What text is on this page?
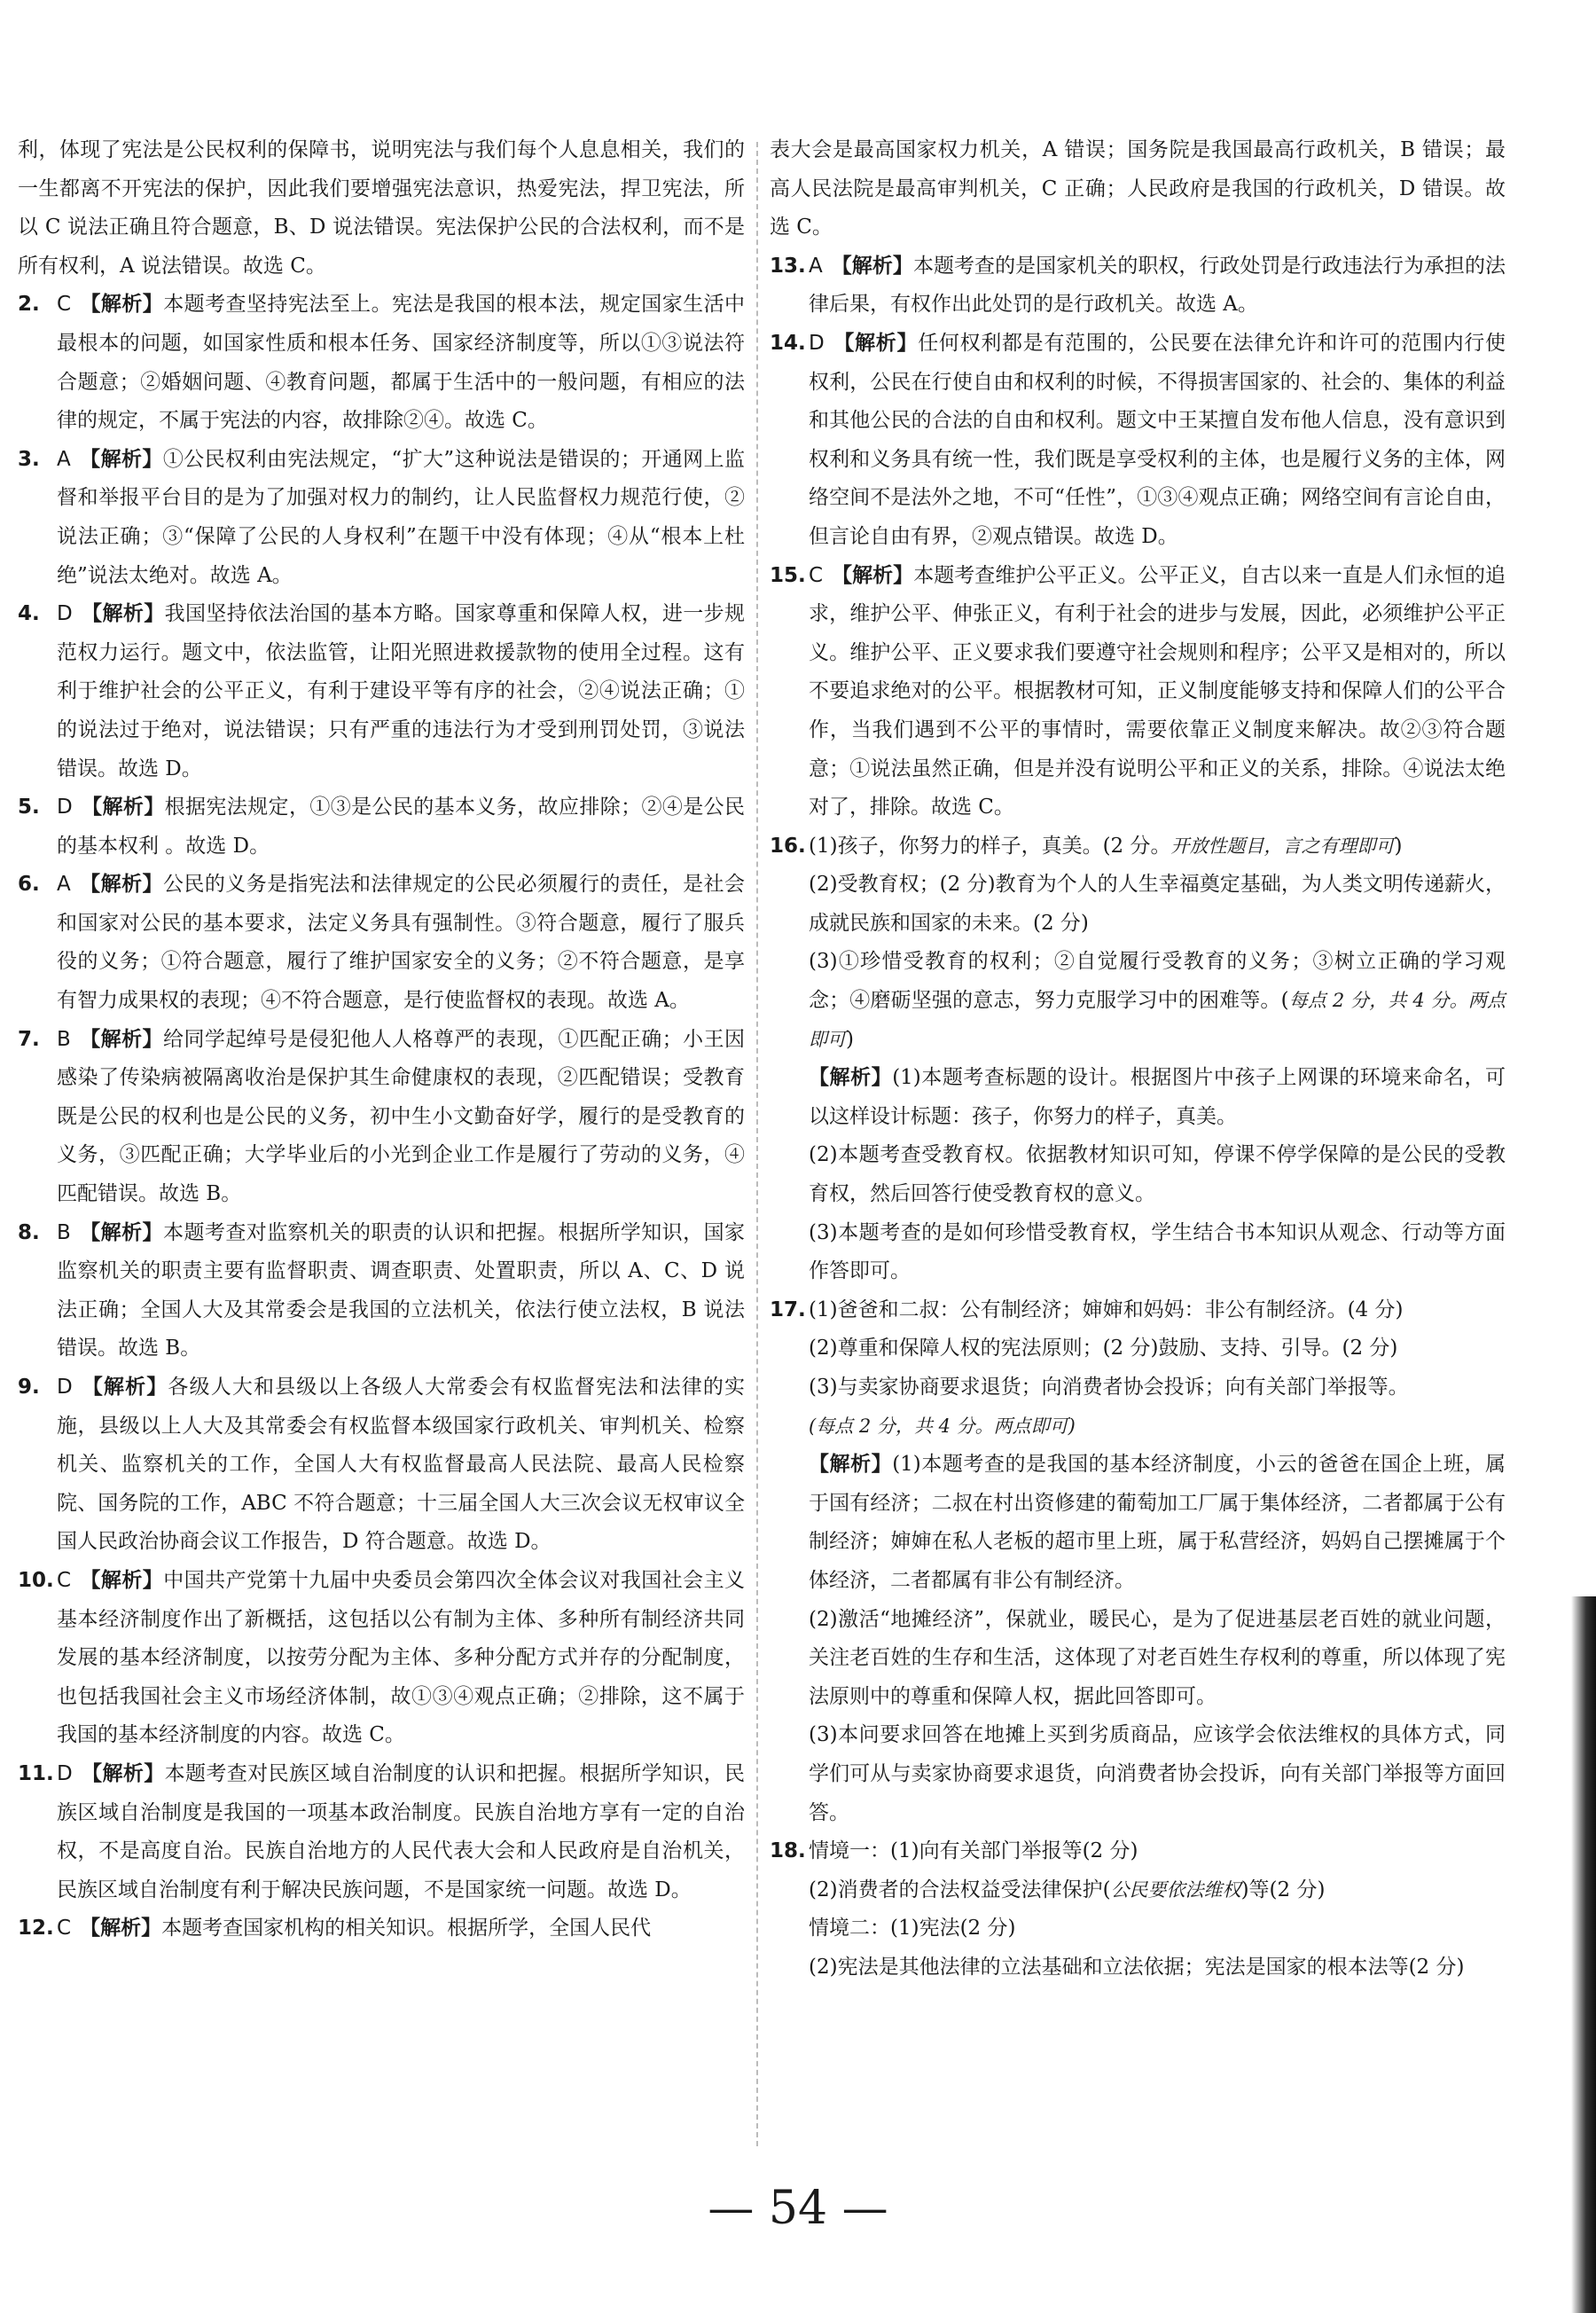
利，体现了宪法是公民权利的保障书，说明宪法与我们每个人息息相关，我们的一生都离不开宪法的保护，因此我们要增强宪法意识，热爱宪法，捍卫宪法，所以 C 说法正确且符合题意，B、D 说法错误。宪法保护公民的合法权利，而不是所有权利，A 说法错误。故选 C。
2. C 【解析】本题考查坚持宪法至上。宪法是我国的根本法，规定国家生活中最根本的问题，如国家性质和根本任务、国家经济制度等，所以①③说法符合题意；②婚姻问题、④教育问题，都属于生活中的一般问题，有相应的法律的规定，不属于宪法的内容，故排除②④。故选 C。
3. A 【解析】①公民权利由宪法规定，“扩大”这种说法是错误的；开通网上监督和举报平台目的是为了加强对权力的制约，让人民监督权力规范行使，②说法正确；③“保障了公民的人身权利”在题干中没有体现；④从“根本上杜绝”说法太绝对。故选 A。
4. D 【解析】我国坚持依法治国的基本方略。国家尊重和保障人权，进一步规范权力运行。题文中，依法监管，让阳光照进救援款物的使用全过程。这有利于维护社会的公平正义，有利于建设平等有序的社会，②④说法正确；①的说法过于绝对，说法错误；只有严重的违法行为才受到刑罚处罚，③说法错误。故选 D。
5. D 【解析】根据宪法规定，①③是公民的基本义务，故应排除；②④是公民的基本权利 。故选 D。
6. A 【解析】公民的义务是指宪法和法律规定的公民必须履行的责任，是社会和国家对公民的基本要求，法定义务具有强制性。③符合题意，履行了服兵役的义务；①符合题意，履行了维护国家安全的义务；②不符合题意，是享有智力成果权的表现；④不符合题意，是行使监督权的表现。故选 A。
7. B 【解析】给同学起绰号是侵犯他人人格尊严的表现，①匹配正确；小王因感染了传染病被隔离收治是保护其生命健康权的表现，②匹配错误；受教育既是公民的权利也是公民的义务，初中生小文勤奋好学，履行的是受教育的义务，③匹配正确；大学毕业后的小光到企业工作是履行了劳动的义务，④匹配错误。故选 B。
8. B 【解析】本题考查对监察机关的职责的认识和把握。根据所学知识，国家监察机关的职责主要有监督职责、调查职责、处置职责，所以 A、C、D 说法正确；全国人大及其常委会是我国的立法机关，依法行使立法权，B 说法错误。故选 B。
9. D 【解析】各级人大和县级以上各级人大常委会有权监督宪法和法律的实施，县级以上人大及其常委会有权监督本级国家行政机关、审判机关、检察机关、监察机关的工作，全国人大有权监督最高人民法院、最高人民检察院、国务院的工作，ABC 不符合题意；十三届全国人大三次会议无权审议全国人民政治协商会议工作报告，D 符合题意。故选 D。
10. C 【解析】中国共产党第十九届中央委员会第四次全体会议对我国社会主义基本经济制度作出了新概括，这包括以公有制为主体、多种所有制经济共同发展的基本经济制度，以按劳分配为主体、多种分配方式并存的分配制度，也包括我国社会主义市场经济体制，故①③④观点正确；②排除，这不属于我国的基本经济制度的内容。故选 C。
11. D 【解析】本题考查对民族区域自治制度的认识和把握。根据所学知识，民族区域自治制度是我国的一项基本政治制度。民族自治地方享有一定的自治权，不是高度自治。民族自治地方的人民代表大会和人民政府是自治机关，民族区域自治制度有利于解决民族问题，不是国家统一问题。故选 D。
12. C 【解析】本题考查国家机构的相关知识。根据所学，全国人民代
表大会是最高国家权力机关，A 错误；国务院是我国最高行政机关，B 错误；最高人民法院是最高审判机关，C 正确；人民政府是我国的行政机关，D 错误。故选 C。
13. A 【解析】本题考查的是国家机关的职权，行政处罚是行政违法行为承担的法律后果，有权作出此处罚的是行政机关。故选 A。
14. D 【解析】任何权利都是有范围的，公民要在法律允许和许可的范围内行使权利，公民在行使自由和权利的时候，不得损害国家的、社会的、集体的利益和其他公民的合法的自由和权利。题文中王某擅自发布他人信息，没有意识到权利和义务具有统一性，我们既是享受权利的主体，也是履行义务的主体，网络空间不是法外之地，不可“任性”，①③④观点正确；网络空间有言论自由，但言论自由有界，②观点错误。故选 D。
15. C 【解析】本题考查维护公平正义。公平正义，自古以来一直是人们永恒的追求，维护公平、伸张正义，有利于社会的进步与发展，因此，必须维护公平正义。维护公平、正义要求我们要遵守社会规则和程序；公平又是相对的，所以不要追求绝对的公平。根据教材可知，正义制度能够支持和保障人们的公平合作，当我们遇到不公平的事情时，需要依靠正义制度来解决。故②③符合题意；①说法虽然正确，但是并没有说明公平和正义的关系，排除。④说法太绝对了，排除。故选 C。
16. (1)孩子，你努力的样子，真美。(2 分。开放性题目，言之有理即可)
(2)受教育权；(2 分)教育为个人的人生幸福奠定基础，为人类文明传递薪火，成就民族和国家的未来。(2 分)
(3)①珍惜受教育的权利；②自觉履行受教育的义务；③树立正确的学习观念；④磨砺坚强的意志，努力克服学习中的困难等。(每点 2 分，共 4 分。两点即可)
【解析】(1)本题考查标题的设计。根据图片中孩子上网课的环境来命名，可以这样设计标题：孩子，你努力的样子，真美。
(2)本题考查受教育权。依据教材知识可知，停课不停学保障的是公民的受教育权，然后回答行使受教育权的意义。
(3)本题考查的是如何珍惜受教育权，学生结合书本知识从观念、行动等方面作答即可。
17. (1)爸爸和二叔：公有制经济；婶婶和妈妈：非公有制经济。(4 分)
(2)尊重和保障人权的宪法原则；(2 分)鼓励、支持、引导。(2 分)
(3)与卖家协商要求退货；向消费者协会投诉；向有关部门举报等。
(每点 2 分，共 4 分。两点即可)
【解析】(1)本题考查的是我国的基本经济制度，小云的爸爸在国企上班，属于国有经济；二叔在村出资修建的葡萄加工厂属于集体经济，二者都属于公有制经济；婶婶在私人老板的超市里上班，属于私营经济，妈妈自己摆摊属于个体经济，二者都属有非公有制经济。
(2)激活“地摊经济”，保就业，暖民心，是为了促进基层老百姓的就业问题，关注老百姓的生存和生活，这体现了对老百姓生存权利的尊重，所以体现了宪法原则中的尊重和保障人权，据此回答即可。
(3)本问要求回答在地摊上买到劣质商品，应该学会依法维权的具体方式，同学们可从与卖家协商要求退货，向消费者协会投诉，向有关部门举报等方面回答。
18. 情境一：(1)向有关部门举报等(2 分)
(2)消费者的合法权益受法律保护(公民要依法维权)等(2 分)
情境二：(1)宪法(2 分)
(2)宪法是其他法律的立法基础和立法依据；宪法是国家的根本法等(2 分)
— 54 —
